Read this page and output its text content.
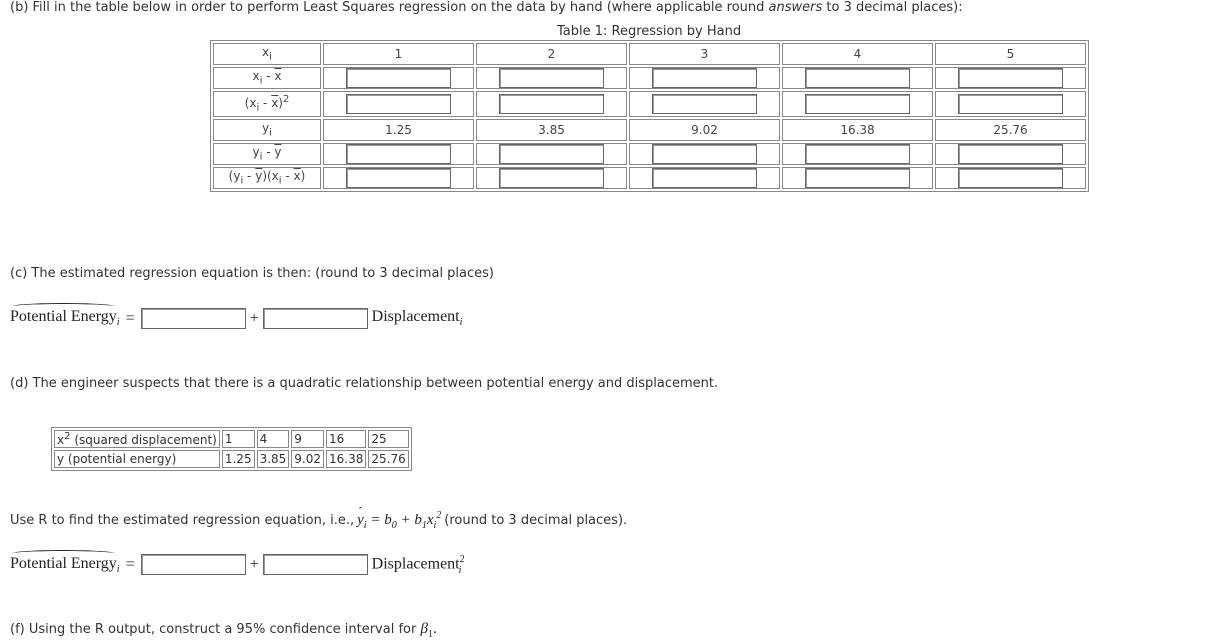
(b) Fill in the table below in order to perform Least Squares regression on the data by hand (where applicable round answers to 3 decimal places):
Table 1: Regression by Hand
$x_i$	1	2	3	4	5
$x_i - \overline{x}$	

$(x_i - \overline{x})^2$	

$y_i$	1.25	3.85	9.02	16.38	25.76
$y_i - \overline{y}$	

$(y_i - \overline{y})(x_i - \overline{x})$	

(c) The estimated regression equation is then: (round to 3 decimal places)
Potential Energy$_i$ =	+	Displacement$_i$
(d) The engineer suspects that there is a quadratic relationship between potential energy and displacement.
$x^2$ (squared displacement)	1	4	9	16	25
y (potential energy)	1.25	3.85	9.02	16.38	25.76
Use R to find the estimated regression equation, i.e., $y_i = b_0 + b_1x_i^2$ (round to 3 decimal places).
Potential Energy$_i$ =	+	Displacement$^2_i$
(f) Using the R output, construct a 95% confidence interval for $\beta_1$.
